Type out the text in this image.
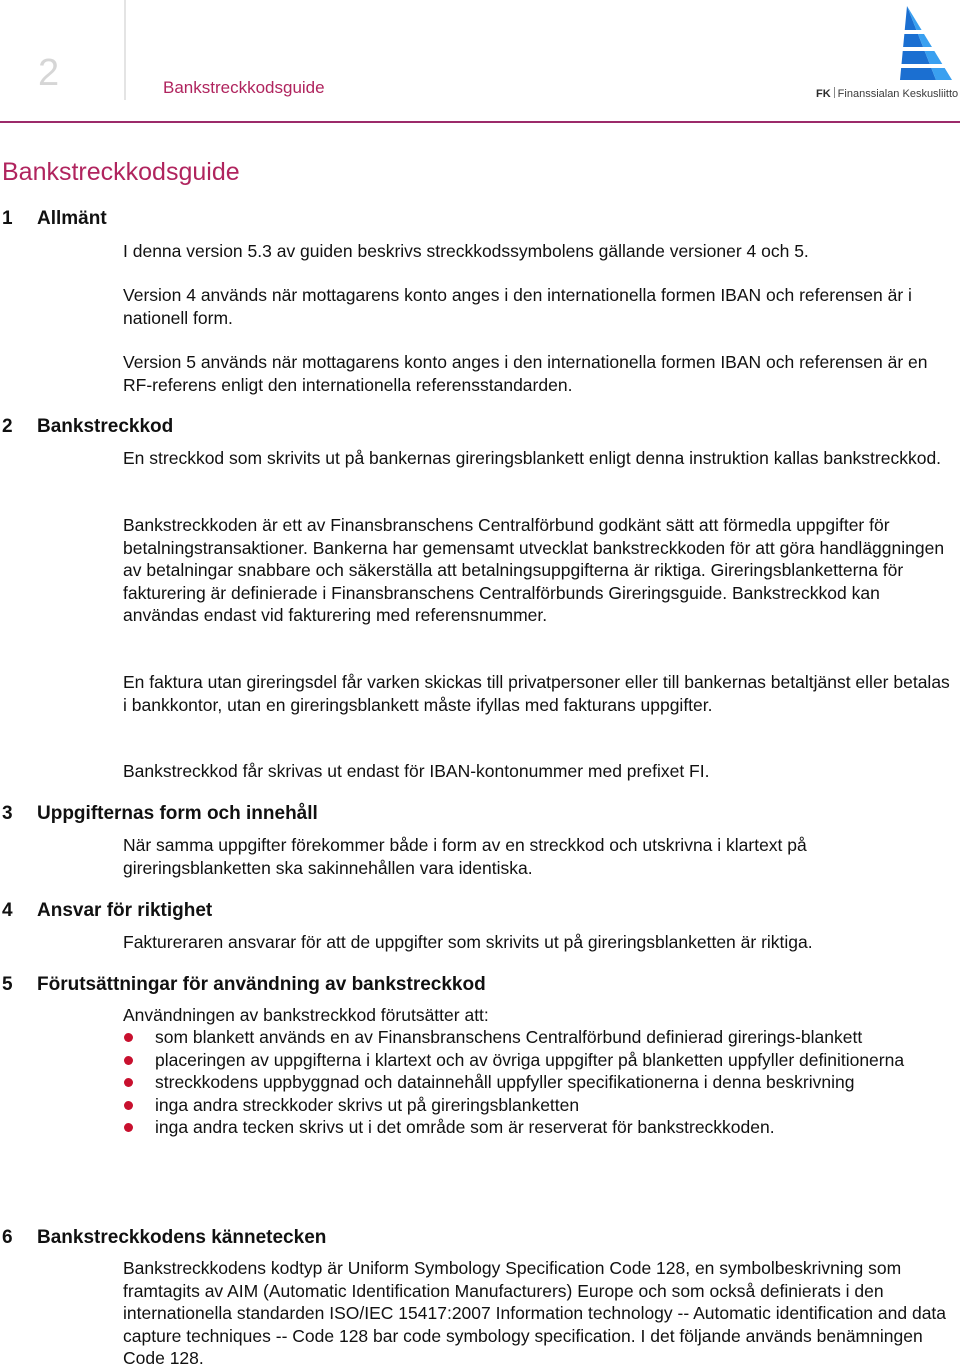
2	Bankstreckkodsguide	FK Finanssialan Keskusliitto
Bankstreckkodsguide
1 Allmänt

I denna version 5.3 av guiden beskrivs streckkodssymbolens gällande versioner 4 och 5.

Version 4 används när mottagarens konto anges i den internationella formen IBAN och referensen är i nationell form.

Version 5 används när mottagarens konto anges i den internationella formen IBAN och referensen är en RF-referens enligt den internationella referensstandarden.

2 Bankstreckkod

En streckkod som skrivits ut på bankernas gireringsblankett enligt denna instruktion kallas bankstreckkod.

Bankstreckkoden är ett av Finansbranschens Centralförbund godkänt sätt att förmedla uppgifter för betalningstransaktioner. Bankerna har gemensamt utvecklat bankstreckkoden för att göra handläggningen av betalningar snabbare och säkerställa att betalningsuppgifterna är riktiga. Gireringsblanketterna för fakturering är definierade i Finansbranschens Centralförbunds Gireringsguide. Bankstreckkod kan användas endast vid fakturering med referensnummer.

En faktura utan gireringsdel får varken skickas till privatpersoner eller till bankernas betaltjänst eller betalas i bankkontor, utan en gireringsblankett måste ifyllas med fakturans uppgifter.

Bankstreckkod får skrivas ut endast för IBAN-kontonummer med prefixet FI.

3 Uppgifternas form och innehåll

När samma uppgifter förekommer både i form av en streckkod och utskrivna i klartext på gireringsblanketten ska sakinnehållen vara identiska.

4 Ansvar för riktighet

Faktureraren ansvarar för att de uppgifter som skrivits ut på gireringsblanketten är riktiga.

5 Förutsättningar för användning av bankstreckkod

Användningen av bankstreckkod förutsätter att:

som blankett används en av Finansbranschens Centralförbund definierad girerings-blankett
placeringen av uppgifterna i klartext och av övriga uppgifter på blanketten uppfyller definitionerna
streckkodens uppbyggnad och datainnehåll uppfyller specifikationerna i denna beskrivning
inga andra streckkoder skrivs ut på gireringsblanketten
inga andra tecken skrivs ut i det område som är reserverat för bankstreckkoden.
6 Bankstreckkodens kännetecken

Bankstreckkodens kodtyp är Uniform Symbology Specification Code 128, en symbolbeskrivning som framtagits av AIM (Automatic Identification Manufacturers) Europe och som också definierats i den internationella standarden ISO/IEC 15417:2007 Information technology -- Automatic identification and data capture techniques -- Code 128 bar code symbology specification. I det följande används benämningen Code 128.
